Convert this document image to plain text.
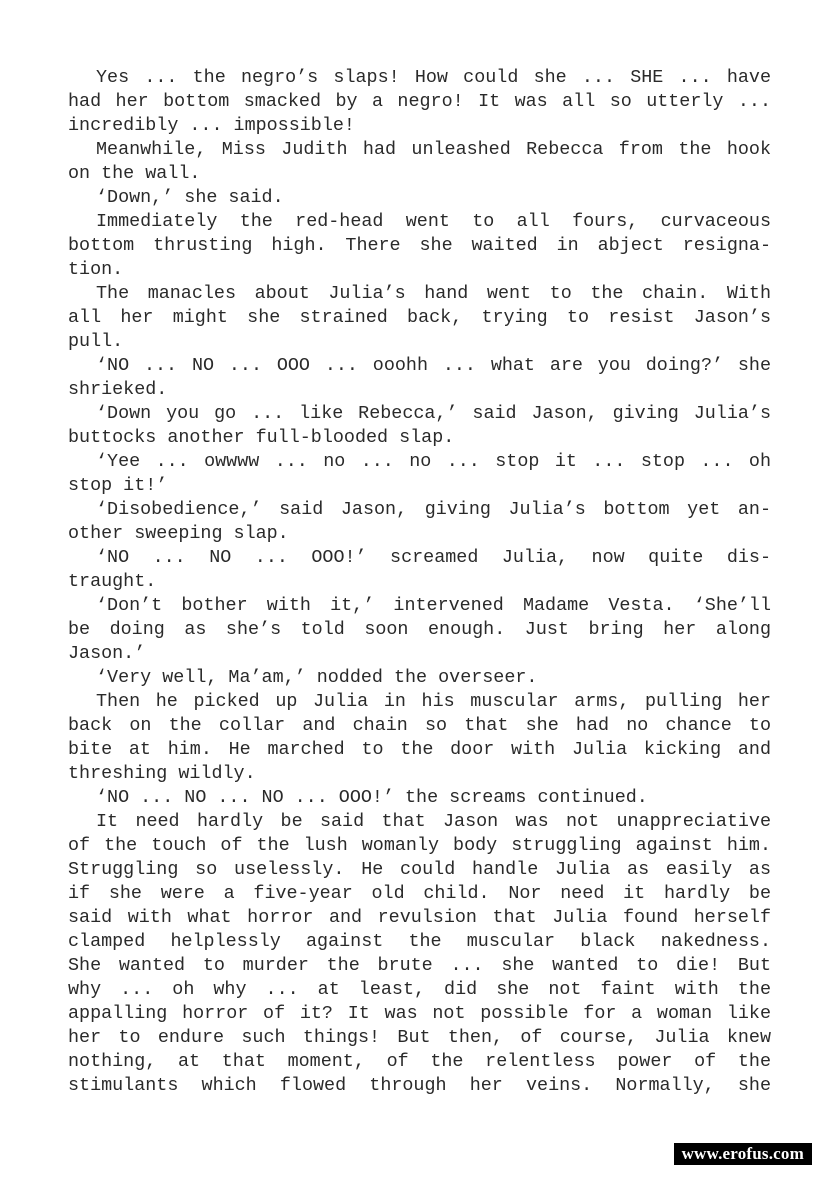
Yes ... the negro’s slaps! How could she ... SHE ... have
had her bottom smacked by a negro! It was all so utterly ...
incredibly ... impossible!
Meanwhile, Miss Judith had unleashed Rebecca from the hook
on the wall.
‘Down,’ she said.
Immediately the red-head went to all fours, curvaceous
bottom thrusting high. There she waited in abject resigna-
tion.
The manacles about Julia’s hand went to the chain. With
all her might she strained back, trying to resist Jason’s
pull.
‘NO ... NO ... OOO ... ooohh ... what are you doing?’ she
shrieked.
‘Down you go ... like Rebecca,’ said Jason, giving Julia’s
buttocks another full-blooded slap.
‘Yee ... owwww ... no ... no ... stop it ... stop ... oh
stop it!’
‘Disobedience,’ said Jason, giving Julia’s bottom yet an-
other sweeping slap.
‘NO ... NO ... OOO!’ screamed Julia, now quite dis-
traught.
‘Don’t bother with it,’ intervened Madame Vesta. ‘She’ll
be doing as she’s told soon enough. Just bring her along
Jason.’
‘Very well, Ma’am,’ nodded the overseer.
Then he picked up Julia in his muscular arms, pulling her
back on the collar and chain so that she had no chance to
bite at him. He marched to the door with Julia kicking and
threshing wildly.
‘NO ... NO ... NO ... OOO!’ the screams continued.
It need hardly be said that Jason was not unappreciative
of the touch of the lush womanly body struggling against him.
Struggling so uselessly. He could handle Julia as easily as
if she were a five-year old child. Nor need it hardly be
said with what horror and revulsion that Julia found herself
clamped helplessly against the muscular black nakedness.
She wanted to murder the brute ... she wanted to die! But
why ... oh why ... at least, did she not faint with the
appalling horror of it? It was not possible for a woman like
her to endure such things! But then, of course, Julia knew
nothing, at that moment, of the relentless power of the
stimulants which flowed through her veins. Normally, she
www.erofus.com
